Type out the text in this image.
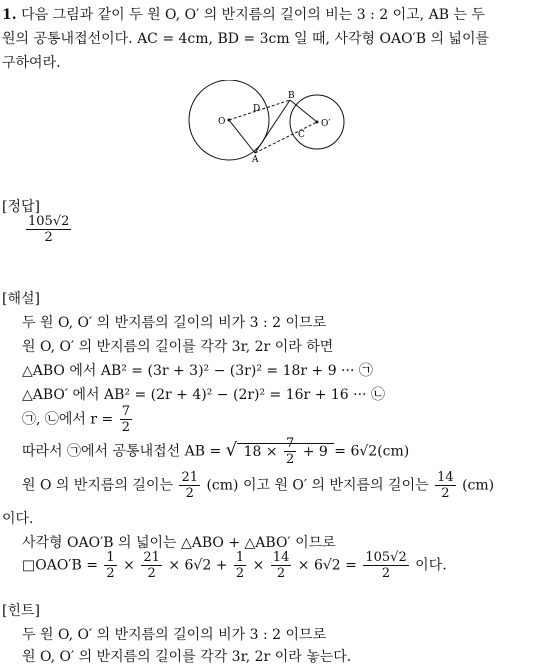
1. 다음 그림과 같이 두 원 O, O′ 의 반지름의 길이의 비는 3 : 2 이고, AB 는 두
원의 공통내접선이다. AC = 4cm, BD = 3cm 일 때, 사각형 OAO′B 의 넓이를
구하여라.
O	O′
A
B
C
D
[정답]
$\frac{105√2}{2}$
[해설]
두 원 O, O′ 의 반지름의 길이의 비가 3 : 2 이므로
원 O, O′ 의 반지름의 길이를 각각 3r, 2r 이라 하면
△ABO 에서 AB² = (3r + 3)² − (3r)² = 18r + 9 ··· ㉠
△ABO′ 에서 AB² = (2r + 4)² − (2r)² = 16r + 16 ··· ㉡
㉠, ㉡에서 $r = \frac{7}{2}$
따라서 ㉠에서 공통내접선 AB = √ $18 \times \frac{7}{2} + 9 = 6√2(cm)$
원 O 의 반지름의 길이는 $\frac{21}{2} (cm)$ 이고 원 O′ 의 반지름의 길이는 $\frac{14}{2} (cm)$
이다.
사각형 OAO′B 의 넓이는 △ABO + △ABO′ 이므로
□OAO′B = $\frac{1}{2} \times \frac{21}{2} \times 6√2 + \frac{1}{2} \times \frac{14}{2} \times 6√2 = \frac{105√2}{2}$ 이다.
[힌트]
두 원 O, O′ 의 반지름의 길이의 비가 3 : 2 이므로
원 O, O′ 의 반지름의 길이를 각각 3r, 2r 이라 놓는다.
